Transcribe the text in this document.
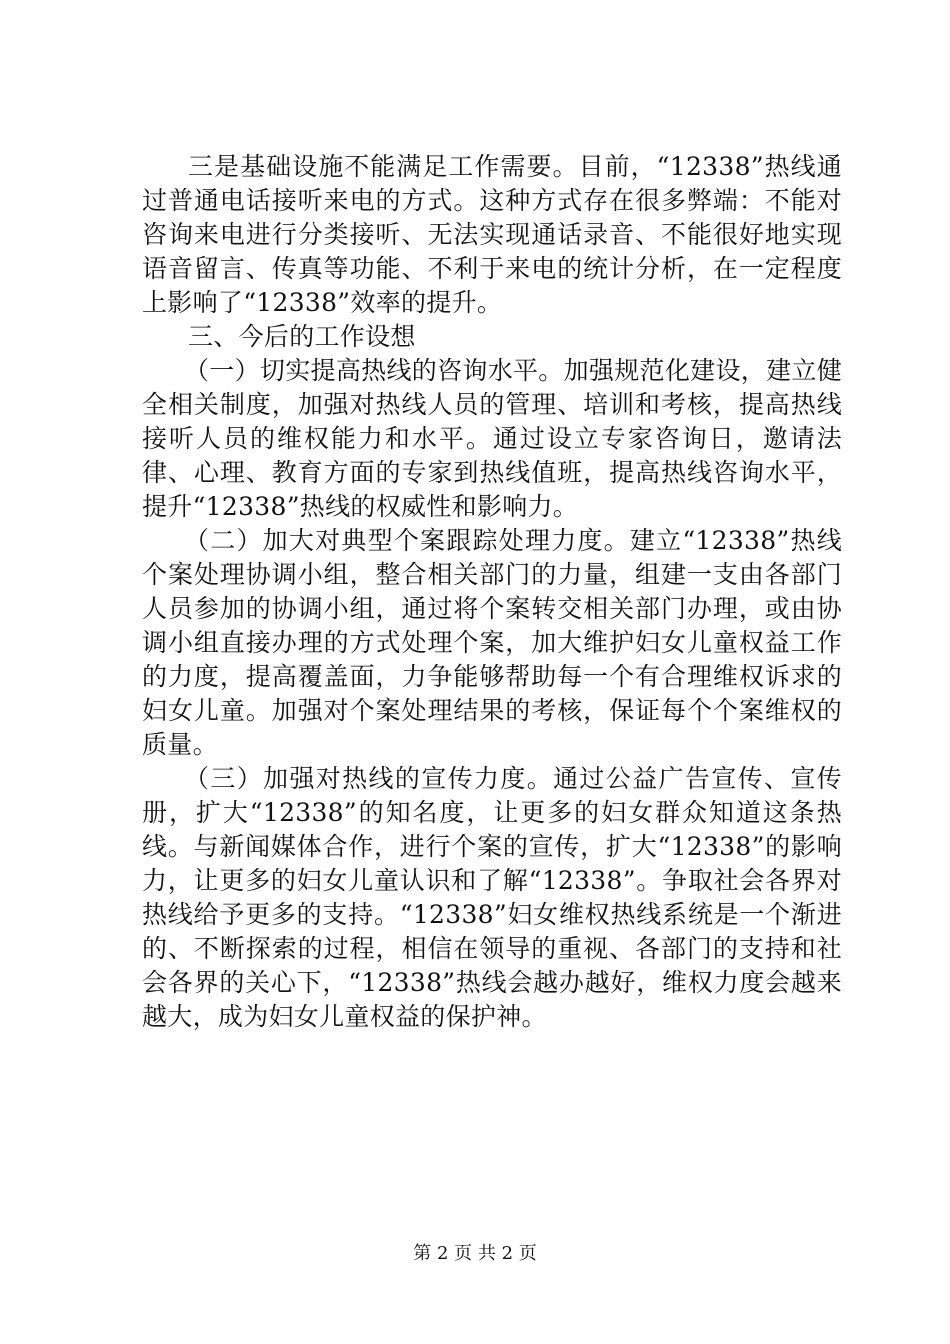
三是基础设施不能满足工作需要。目前，“12338”热线通过普通电话接听来电的方式。这种方式存在很多弊端：不能对咨询来电进行分类接听、无法实现通话录音、不能很好地实现语音留言、传真等功能、不利于来电的统计分析，在一定程度上影响了“12338”效率的提升。

三、今后的工作设想

（一）切实提高热线的咨询水平。加强规范化建设，建立健全相关制度，加强对热线人员的管理、培训和考核，提高热线接听人员的维权能力和水平。通过设立专家咨询日，邀请法律、心理、教育方面的专家到热线值班，提高热线咨询水平，提升“12338”热线的权威性和影响力。

（二）加大对典型个案跟踪处理力度。建立“12338”热线个案处理协调小组，整合相关部门的力量，组建一支由各部门人员参加的协调小组，通过将个案转交相关部门办理，或由协调小组直接办理的方式处理个案，加大维护妇女儿童权益工作的力度，提高覆盖面，力争能够帮助每一个有合理维权诉求的妇女儿童。加强对个案处理结果的考核，保证每个个案维权的质量。

（三）加强对热线的宣传力度。通过公益广告宣传、宣传册，扩大“12338”的知名度，让更多的妇女群众知道这条热线。与新闻媒体合作，进行个案的宣传，扩大“12338”的影响力，让更多的妇女儿童认识和了解“12338”。争取社会各界对热线给予更多的支持。“12338”妇女维权热线系统是一个渐进的、不断探索的过程，相信在领导的重视、各部门的支持和社会各界的关心下，“12338”热线会越办越好，维权力度会越来越大，成为妇女儿童权益的保护神。

第 2 页 共 2 页
